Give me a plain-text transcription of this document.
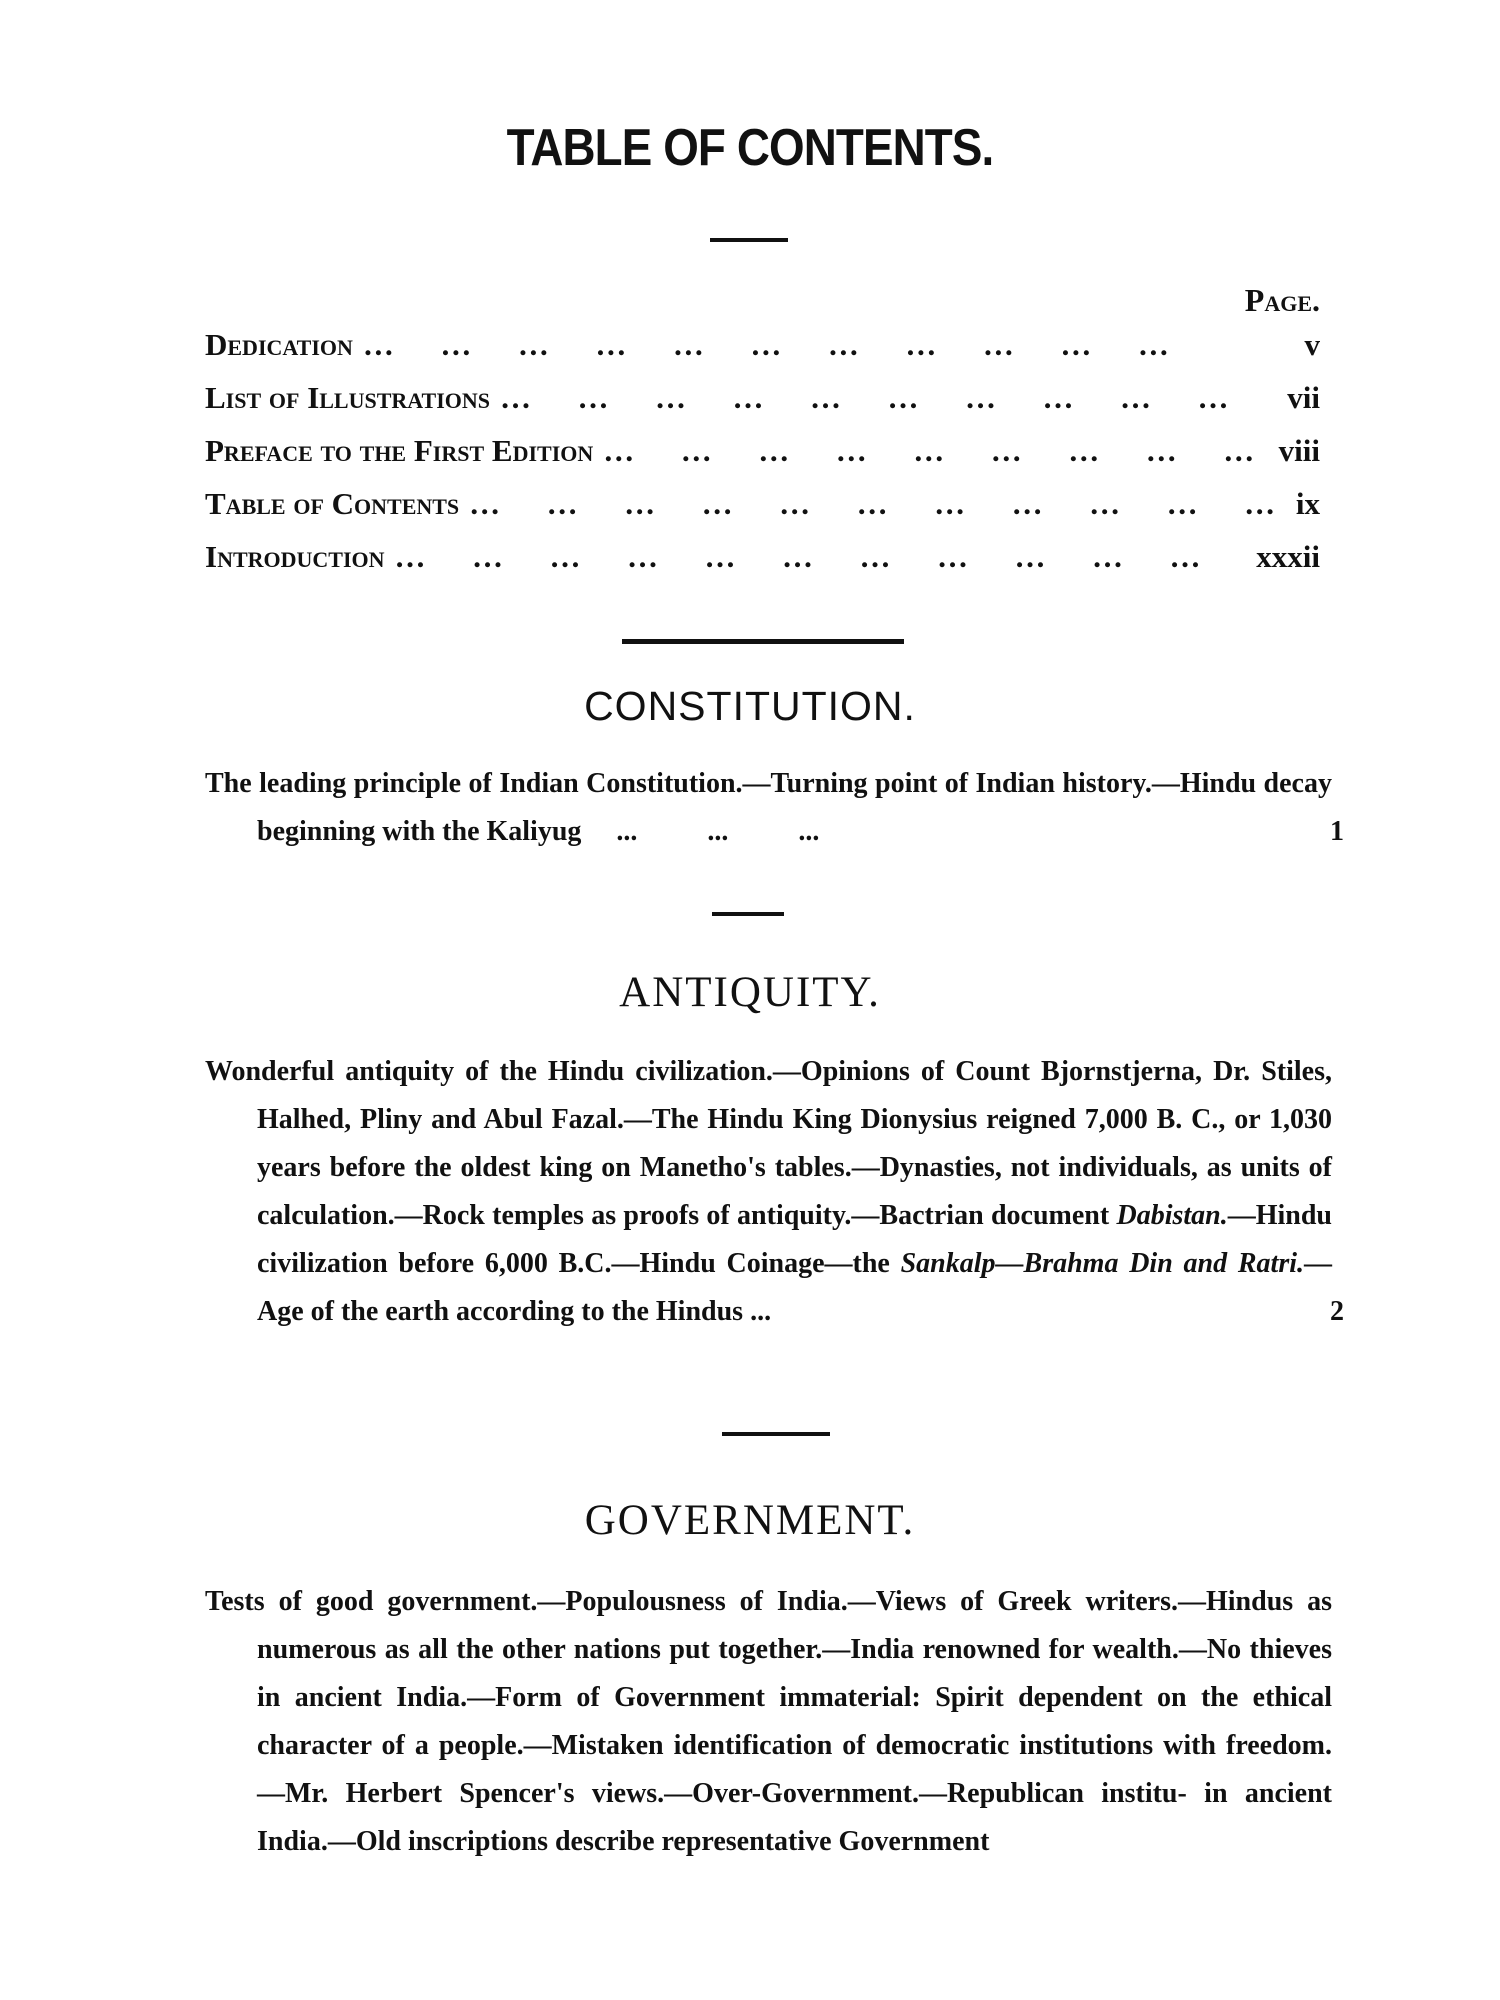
TABLE OF CONTENTS.
Page.
Dedication …      …      …      …      …      …      …      …      …      …      …	v
List of Illustrations …      …      …      …      …      …      …      …      …      …      …	vii
Preface to the First Edition …      …      …      …      …      …      …      …      …      …      …	viii
Table of Contents …      …      …      …      …      …      …      …      …      …      …	ix
Introduction …      …      …      …      …      …      …      …      …      …      …	xxxii
CONSTITUTION.

The leading principle of Indian Constitution.—Turning point of Indian history.—Hindu decay beginning with the Kaliyug ...          ...          ...	1

ANTIQUITY.

Wonderful antiquity of the Hindu civilization.—Opinions of Count Bjornstjerna, Dr. Stiles, Halhed, Pliny and Abul Fazal.—The Hindu King Dionysius reigned 7,000 B. C., or 1,030 years before the oldest king on Manetho's tables.—Dynasties, not individuals, as units of calculation.—Rock temples as proofs of antiquity.—Bactrian document Dabistan.—Hindu civilization before 6,000 B.C.—Hindu Coinage—the Sankalp—Brahma Din and Ratri.—Age of the earth according to the Hindus ...	2

GOVERNMENT.

Tests of good government.—Populousness of India.—Views of Greek writers.—Hindus as numerous as all the other nations put together.—India renowned for wealth.—No thieves in ancient India.—Form of Government immaterial: Spirit dependent on the ethical character of a people.—Mistaken identification of democratic institutions with freedom.—Mr. Herbert Spencer's views.—Over-Government.—Republican institu- in ancient India.—Old inscriptions describe representative Government
